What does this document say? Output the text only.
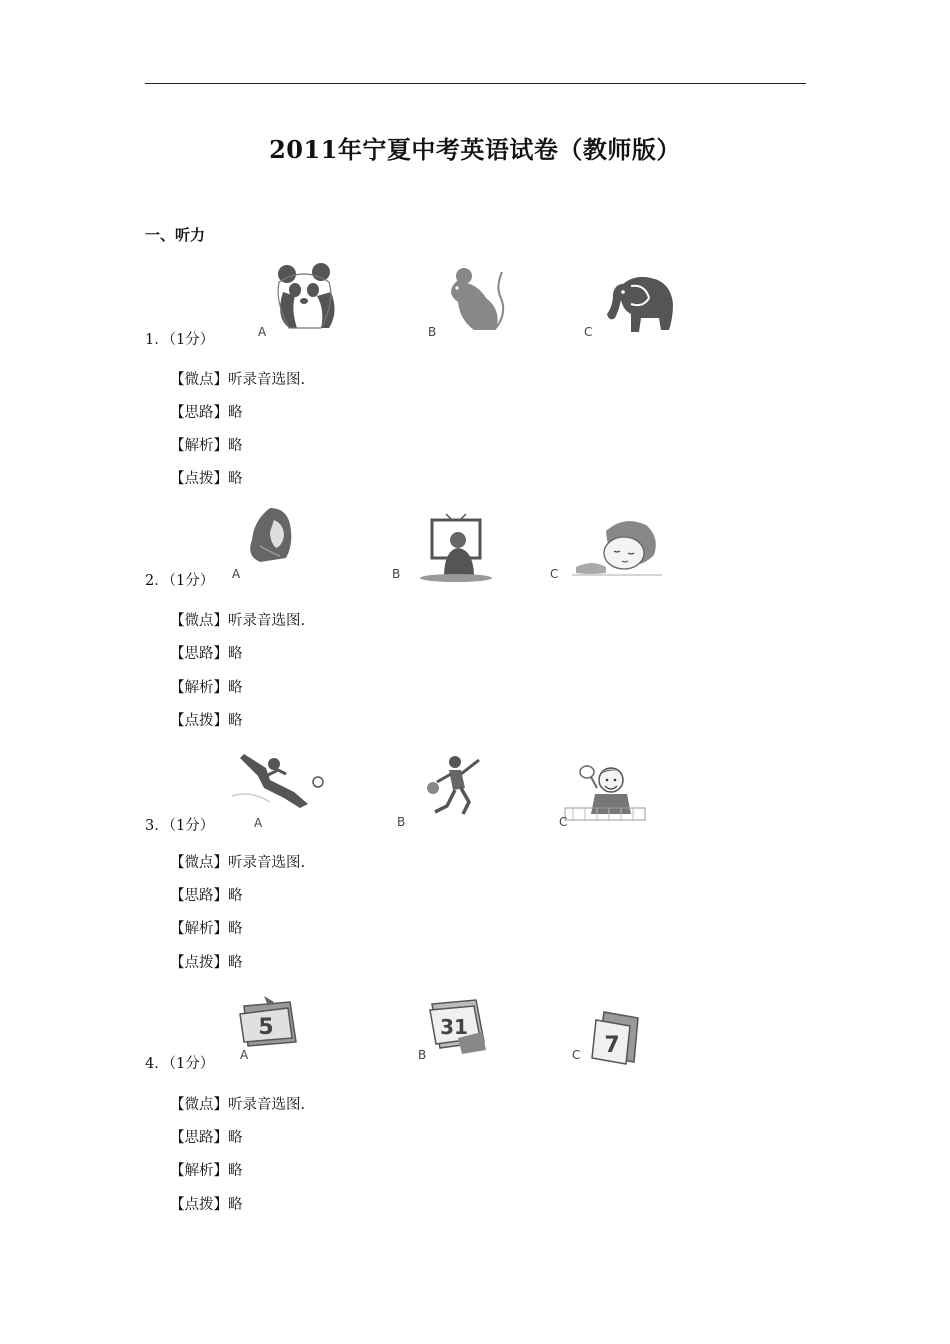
2011年宁夏中考英语试卷（教师版）
一、听力
1．（1分）	A	B	C
【微点】听录音选图.
【思路】略
【解析】略
【点拨】略
2．（1分） A	B	C
【微点】听录音选图.
【思路】略
【解析】略
【点拨】略
3．（1分）	A	B	C
【微点】听录音选图.
【思路】略
【解析】略
【点拨】略
4．（1分）
5
A
31
B	7
C
【微点】听录音选图.
【思路】略
【解析】略
【点拨】略
